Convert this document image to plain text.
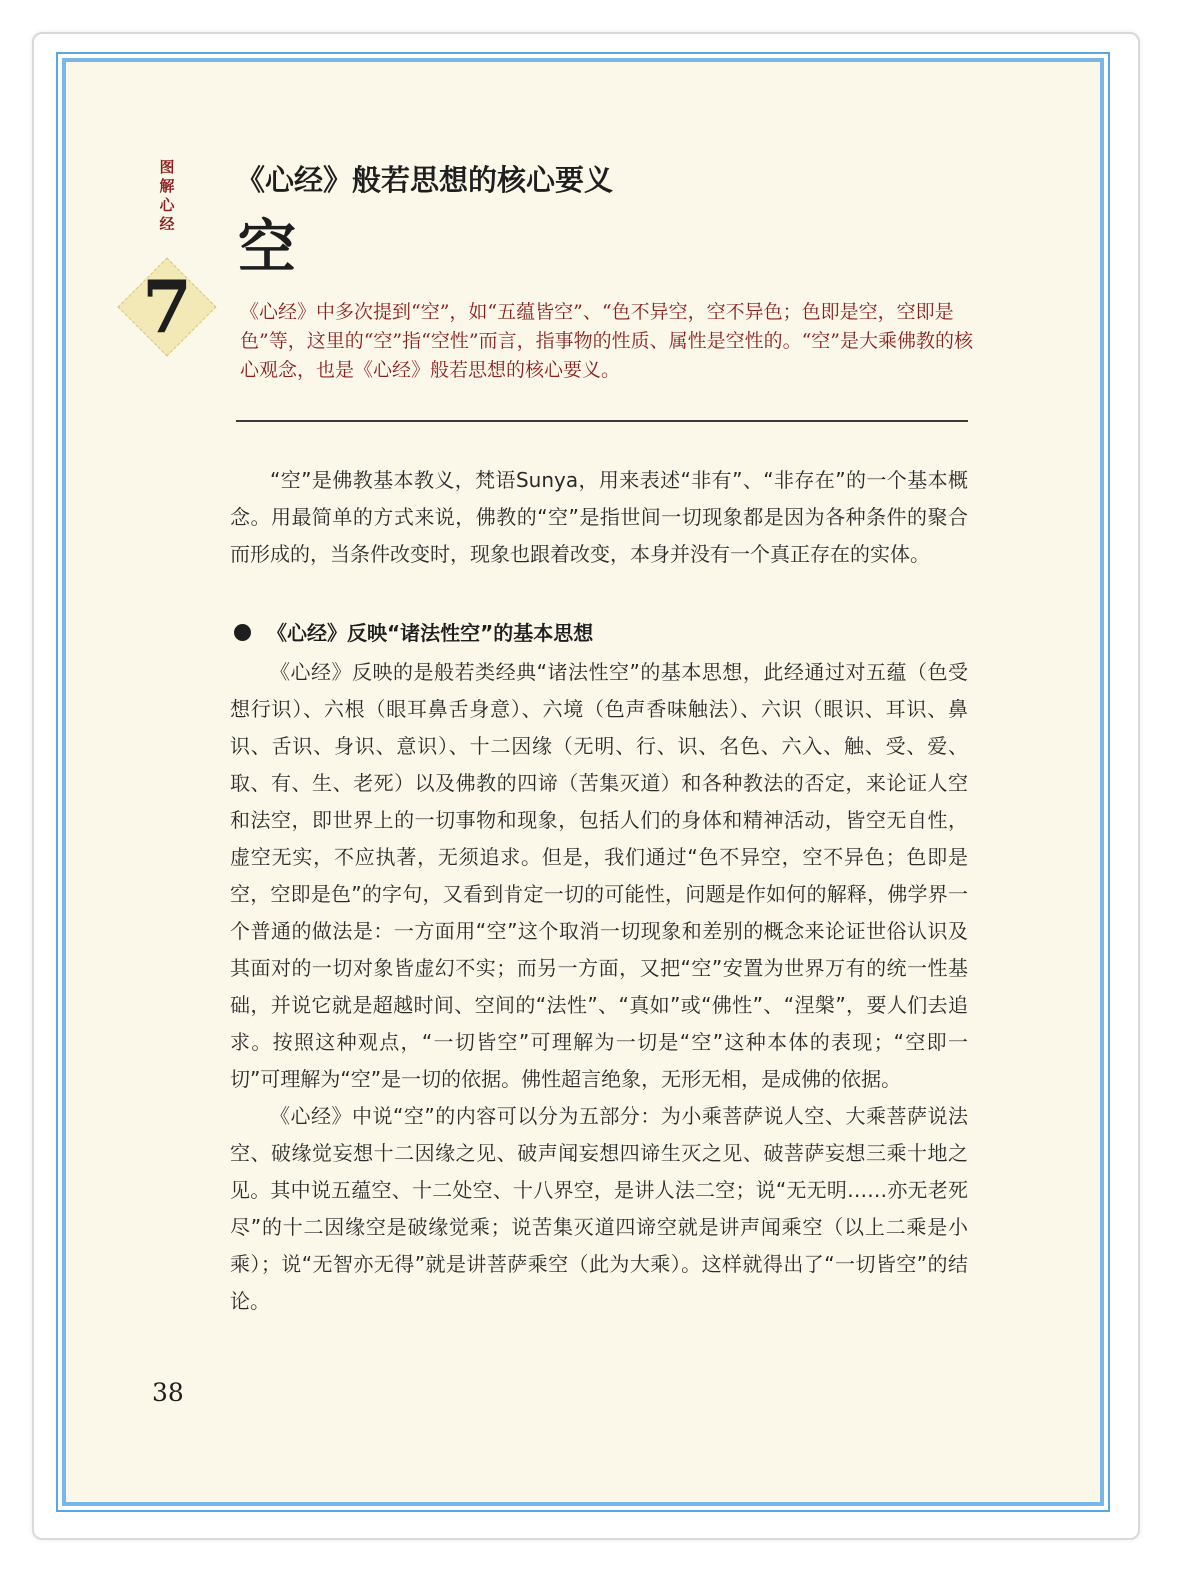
图
解
心
经
7
《心经》般若思想的核心要义
空
《心经》中多次提到“空”，如“五蕴皆空”、“色不异空，空不异色；色即是空，空即是色”等，这里的“空”指“空性”而言，指事物的性质、属性是空性的。“空”是大乘佛教的核心观念，也是《心经》般若思想的核心要义。

“空”是佛教基本教义，梵语Sunya，用来表述“非有”、“非存在”的一个基本概念。用最简单的方式来说，佛教的“空”是指世间一切现象都是因为各种条件的聚合而形成的，当条件改变时，现象也跟着改变，本身并没有一个真正存在的实体。

《心经》反映“诸法性空”的基本思想

《心经》反映的是般若类经典“诸法性空”的基本思想，此经通过对五蕴（色受想行识）、六根（眼耳鼻舌身意）、六境（色声香味触法）、六识（眼识、耳识、鼻识、舌识、身识、意识）、十二因缘（无明、行、识、名色、六入、触、受、爱、取、有、生、老死）以及佛教的四谛（苦集灭道）和各种教法的否定，来论证人空和法空，即世界上的一切事物和现象，包括人们的身体和精神活动，皆空无自性，虚空无实，不应执著，无须追求。但是，我们通过“色不异空，空不异色；色即是空，空即是色”的字句，又看到肯定一切的可能性，问题是作如何的解释，佛学界一个普通的做法是：一方面用“空”这个取消一切现象和差别的概念来论证世俗认识及其面对的一切对象皆虚幻不实；而另一方面，又把“空”安置为世界万有的统一性基础，并说它就是超越时间、空间的“法性”、“真如”或“佛性”、“涅槃”，要人们去追求。按照这种观点，“一切皆空”可理解为一切是“空”这种本体的表现；“空即一切”可理解为“空”是一切的依据。佛性超言绝象，无形无相，是成佛的依据。

《心经》中说“空”的内容可以分为五部分：为小乘菩萨说人空、大乘菩萨说法空、破缘觉妄想十二因缘之见、破声闻妄想四谛生灭之见、破菩萨妄想三乘十地之见。其中说五蕴空、十二处空、十八界空，是讲人法二空；说“无无明……亦无老死尽”的十二因缘空是破缘觉乘；说苦集灭道四谛空就是讲声闻乘空（以上二乘是小乘）；说“无智亦无得”就是讲菩萨乘空（此为大乘）。这样就得出了“一切皆空”的结论。

38
